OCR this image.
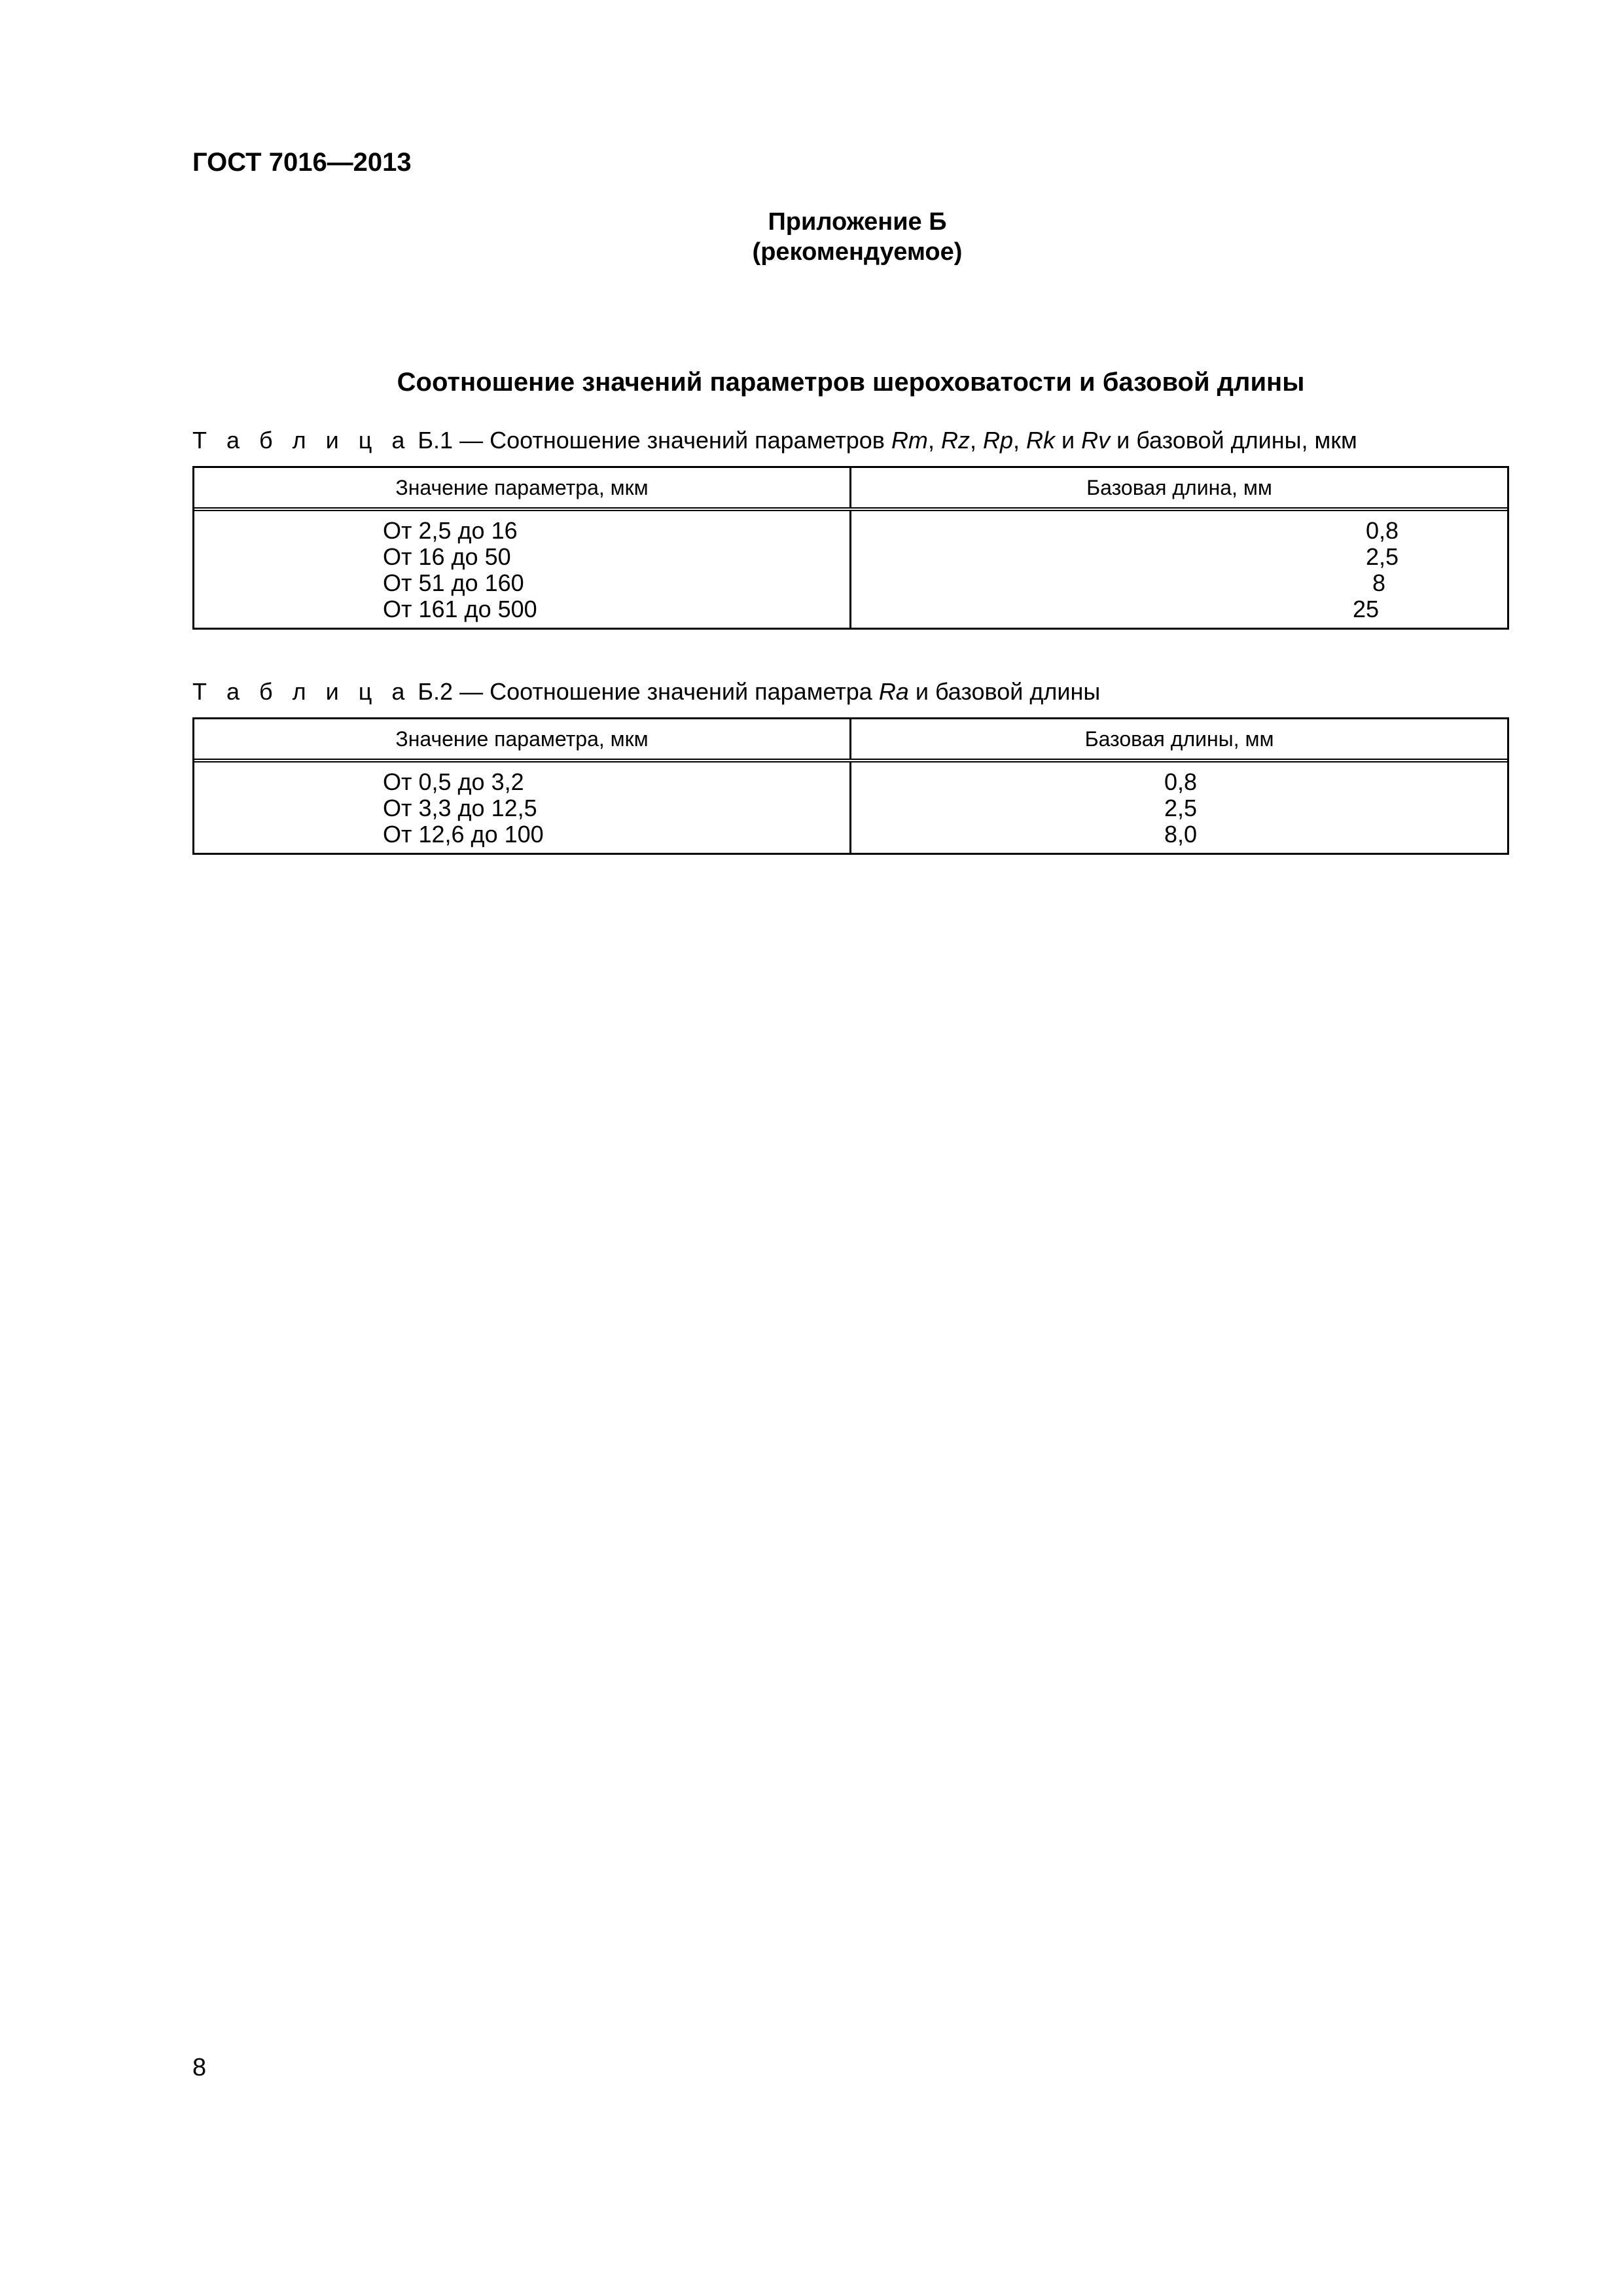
ГОСТ 7016—2013
Приложение Б
(рекомендуемое)
Соотношение значений параметров шероховатости и базовой длины
Т а б л и ц а Б.1 — Соотношение значений параметров Rm, Rz, Rp, Rk и Rv и базовой длины, мкм
Значение параметра, мкм	Базовая длина, мм
От 2,5 до 16
От 16 до 50
От 51 до 160
От 161 до 500
0,8
2,5
8
25
Т а б л и ц а Б.2 — Соотношение значений параметра Ra и базовой длины
Значение параметра, мкм	Базовая длины, мм
От 0,5 до 3,2
От 3,3 до 12,5
От 12,6 до 100
0,8
2,5
8,0
8
